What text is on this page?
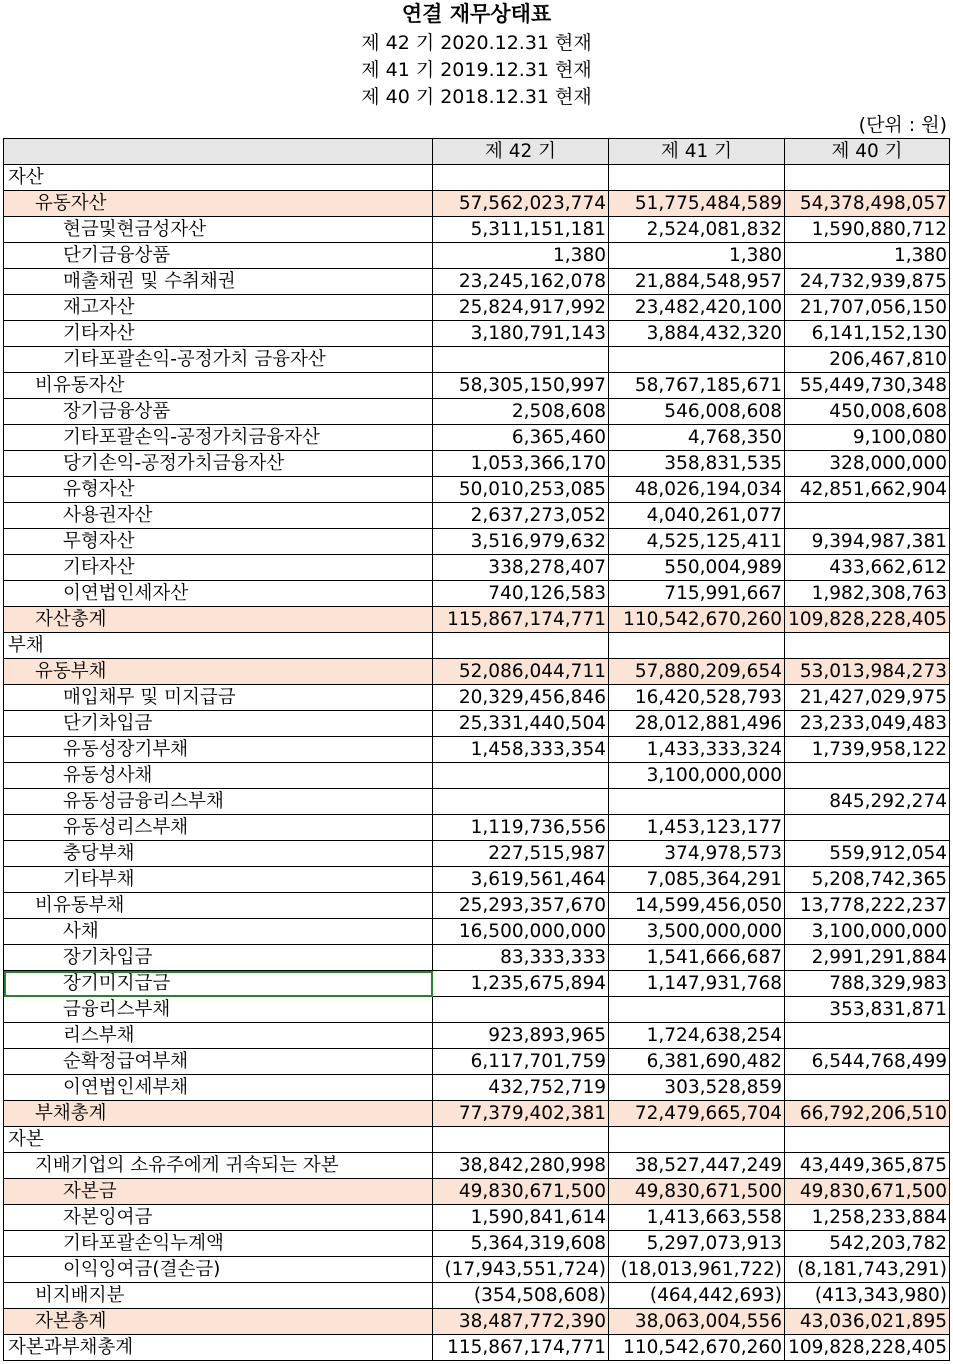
연결 재무상태표
제 42 기 2020.12.31 현재
제 41 기 2019.12.31 현재
제 40 기 2018.12.31 현재
(단위 : 원)
	제 42 기	제 41 기	제 40 기
자산			
유동자산	57,562,023,774	51,775,484,589	54,378,498,057
현금및현금성자산	5,311,151,181	2,524,081,832	1,590,880,712
단기금융상품	1,380	1,380	1,380
매출채권 및 수취채권	23,245,162,078	21,884,548,957	24,732,939,875
재고자산	25,824,917,992	23,482,420,100	21,707,056,150
기타자산	3,180,791,143	3,884,432,320	6,141,152,130
기타포괄손익-공정가치 금융자산			206,467,810
비유동자산	58,305,150,997	58,767,185,671	55,449,730,348
장기금융상품	2,508,608	546,008,608	450,008,608
기타포괄손익-공정가치금융자산	6,365,460	4,768,350	9,100,080
당기손익-공정가치금융자산	1,053,366,170	358,831,535	328,000,000
유형자산	50,010,253,085	48,026,194,034	42,851,662,904
사용권자산	2,637,273,052	4,040,261,077	
무형자산	3,516,979,632	4,525,125,411	9,394,987,381
기타자산	338,278,407	550,004,989	433,662,612
이연법인세자산	740,126,583	715,991,667	1,982,308,763
자산총계	115,867,174,771	110,542,670,260	109,828,228,405
부채			
유동부채	52,086,044,711	57,880,209,654	53,013,984,273
매입채무 및 미지급금	20,329,456,846	16,420,528,793	21,427,029,975
단기차입금	25,331,440,504	28,012,881,496	23,233,049,483
유동성장기부채	1,458,333,354	1,433,333,324	1,739,958,122
유동성사채		3,100,000,000	
유동성금융리스부채			845,292,274
유동성리스부채	1,119,736,556	1,453,123,177	
충당부채	227,515,987	374,978,573	559,912,054
기타부채	3,619,561,464	7,085,364,291	5,208,742,365
비유동부채	25,293,357,670	14,599,456,050	13,778,222,237
사채	16,500,000,000	3,500,000,000	3,100,000,000
장기차입금	83,333,333	1,541,666,687	2,991,291,884
장기미지급금	1,235,675,894	1,147,931,768	788,329,983
금융리스부채			353,831,871
리스부채	923,893,965	1,724,638,254	
순확정급여부채	6,117,701,759	6,381,690,482	6,544,768,499
이연법인세부채	432,752,719	303,528,859	
부채총계	77,379,402,381	72,479,665,704	66,792,206,510
자본			
지배기업의 소유주에게 귀속되는 자본	38,842,280,998	38,527,447,249	43,449,365,875
자본금	49,830,671,500	49,830,671,500	49,830,671,500
자본잉여금	1,590,841,614	1,413,663,558	1,258,233,884
기타포괄손익누계액	5,364,319,608	5,297,073,913	542,203,782
이익잉여금(결손금)	(17,943,551,724)	(18,013,961,722)	(8,181,743,291)
비지배지분	(354,508,608)	(464,442,693)	(413,343,980)
자본총계	38,487,772,390	38,063,004,556	43,036,021,895
자본과부채총계	115,867,174,771	110,542,670,260	109,828,228,405
